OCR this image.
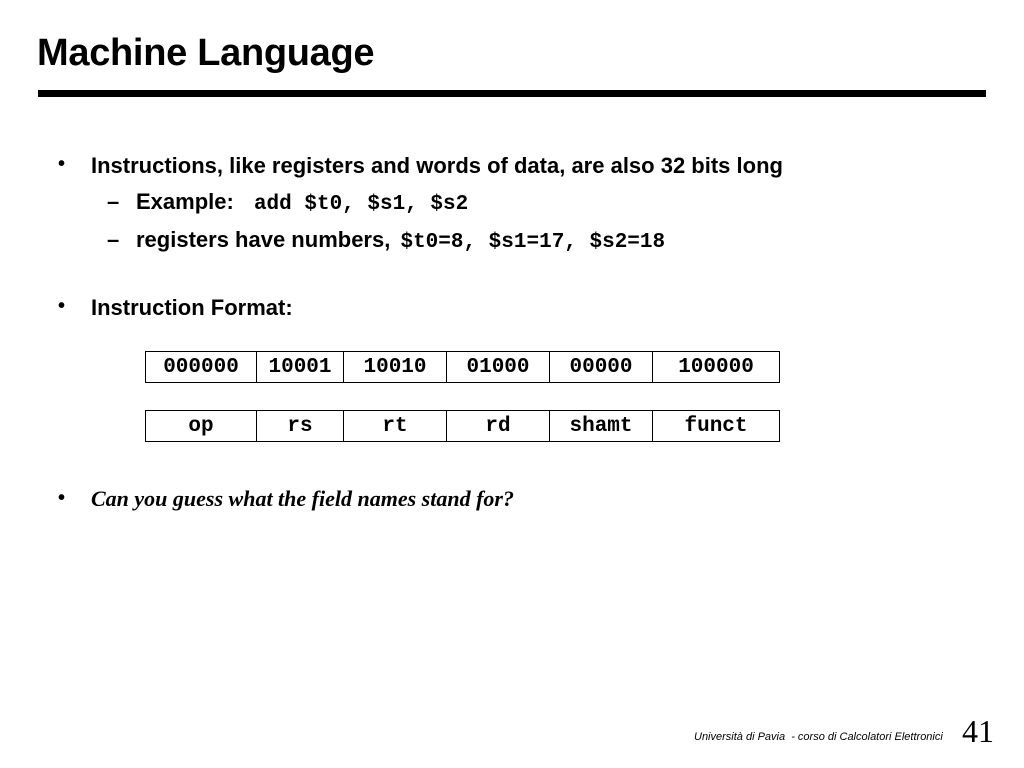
Machine Language
• Instructions, like registers and words of data, are also 32 bits long
– Example: add $t0, $s1, $s2
– registers have numbers, $t0=8, $s1=17, $s2=18
• Instruction Format:
000000	10001	10010	01000	00000	100000
op	rs	rt	rd	shamt	funct
• Can you guess what the field names stand for?
Università di Pavia  - corso di Calcolatori Elettronici 41
